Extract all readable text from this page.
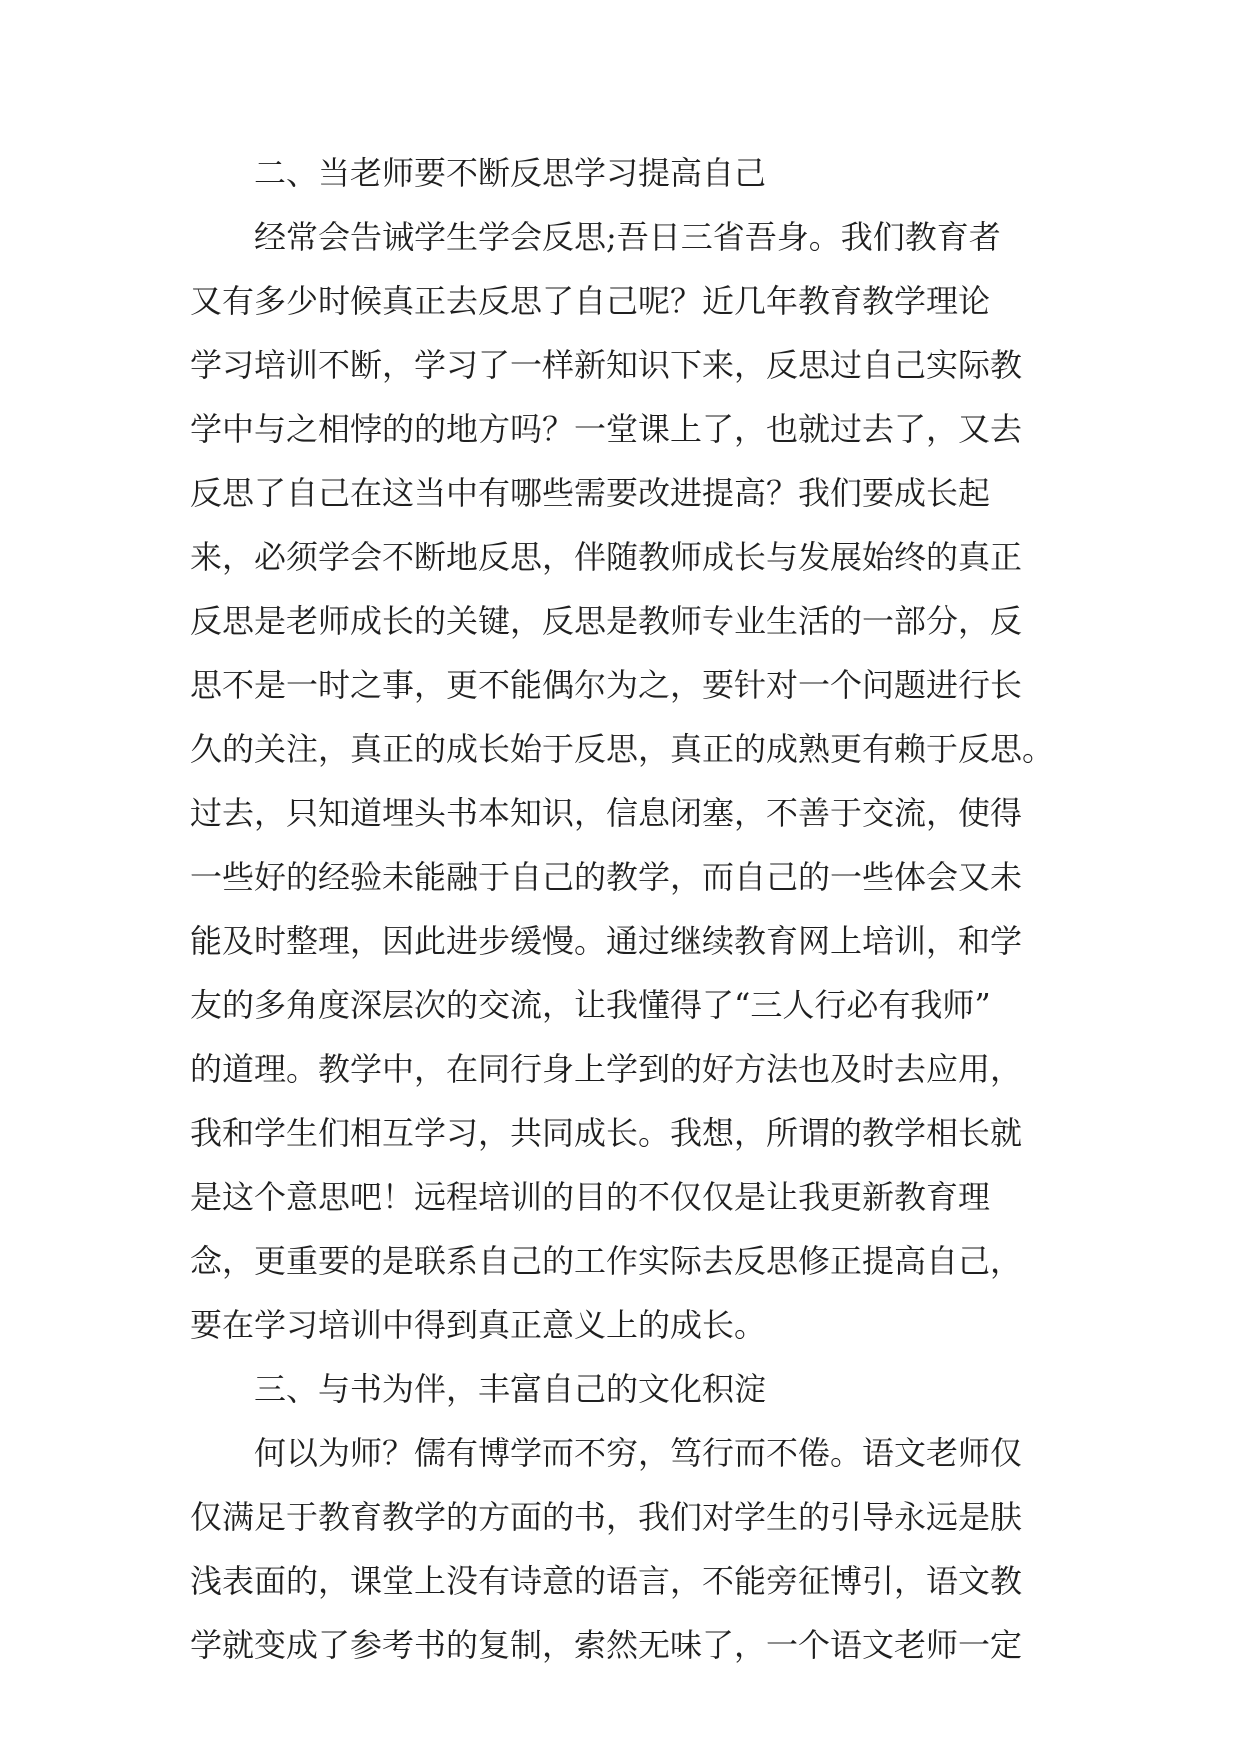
二、当老师要不断反思学习提高自己

经常会告诫学生学会反思;吾日三省吾身。我们教育者

又有多少时候真正去反思了自己呢？近几年教育教学理论

学习培训不断，学习了一样新知识下来，反思过自己实际教

学中与之相悖的的地方吗？一堂课上了，也就过去了，又去

反思了自己在这当中有哪些需要改进提高？我们要成长起

来，必须学会不断地反思，伴随教师成长与发展始终的真正

反思是老师成长的关键，反思是教师专业生活的一部分，反

思不是一时之事，更不能偶尔为之，要针对一个问题进行长

久的关注，真正的成长始于反思，真正的成熟更有赖于反思。

过去，只知道埋头书本知识，信息闭塞，不善于交流，使得

一些好的经验未能融于自己的教学，而自己的一些体会又未

能及时整理，因此进步缓慢。通过继续教育网上培训，和学

友的多角度深层次的交流，让我懂得了“三人行必有我师”

的道理。教学中，在同行身上学到的好方法也及时去应用，

我和学生们相互学习，共同成长。我想，所谓的教学相长就

是这个意思吧！远程培训的目的不仅仅是让我更新教育理

念，更重要的是联系自己的工作实际去反思修正提高自己，

要在学习培训中得到真正意义上的成长。

三、与书为伴，丰富自己的文化积淀

何以为师？儒有博学而不穷，笃行而不倦。语文老师仅

仅满足于教育教学的方面的书，我们对学生的引导永远是肤

浅表面的，课堂上没有诗意的语言，不能旁征博引，语文教

学就变成了参考书的复制，索然无味了，一个语文老师一定
